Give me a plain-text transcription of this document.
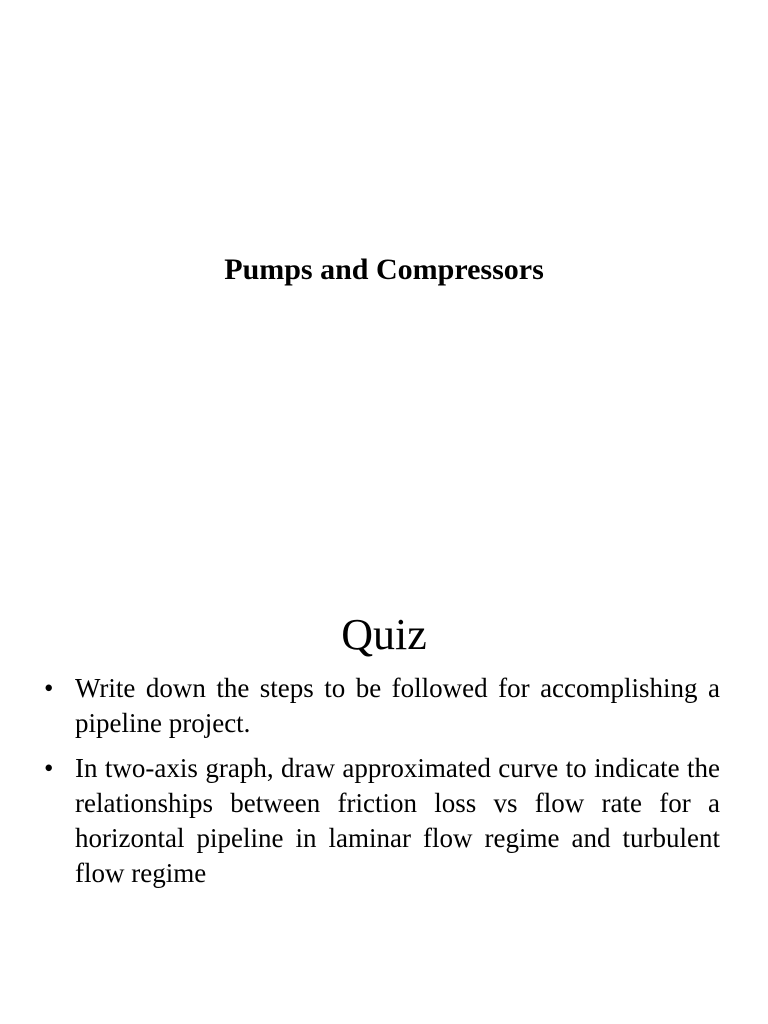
Pumps and Compressors
Quiz
• Write down the steps to be followed for accomplishing a pipeline project.
• In two-axis graph, draw approximated curve to indicate the relationships between friction loss vs flow rate for a horizontal pipeline in laminar flow regime and turbulent flow regime
